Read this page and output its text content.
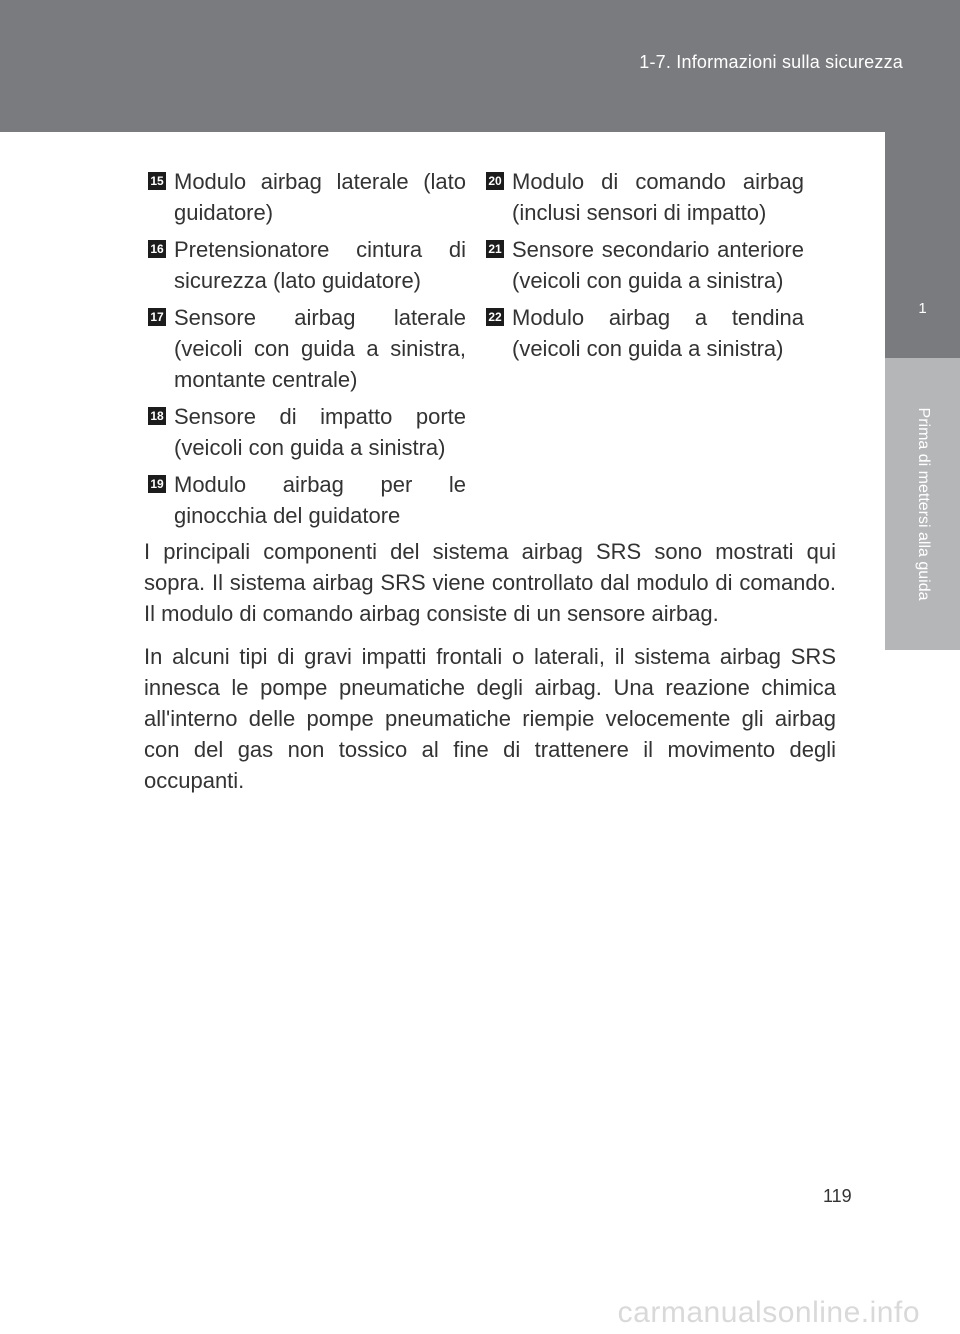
1-7. Informazioni sulla sicurezza
1
Prima di mettersi alla guida
15 Modulo airbag laterale (lato guidatore)
16 Pretensionatore cintura di sicurezza (lato guidatore)
17 Sensore airbag laterale (veicoli con guida a sinistra, montante centrale)
18 Sensore di impatto porte (veicoli con guida a sinistra)
19 Modulo airbag per le ginocchia del guidatore
20 Modulo di comando airbag (inclusi sensori di impatto)
21 Sensore secondario anteriore (veicoli con guida a sinistra)
22 Modulo airbag a tendina (veicoli con guida a sinistra)

I principali componenti del sistema airbag SRS sono mostrati qui sopra. Il sistema airbag SRS viene controllato dal modulo di comando. Il modulo di comando airbag consiste di un sensore airbag.

In alcuni tipi di gravi impatti frontali o laterali, il sistema airbag SRS innesca le pompe pneumatiche degli airbag. Una reazione chimica all'interno delle pompe pneumatiche riempie velocemente gli airbag con del gas non tossico al fine di trattenere il movimento degli occupanti.

119
carmanualsonline.info
